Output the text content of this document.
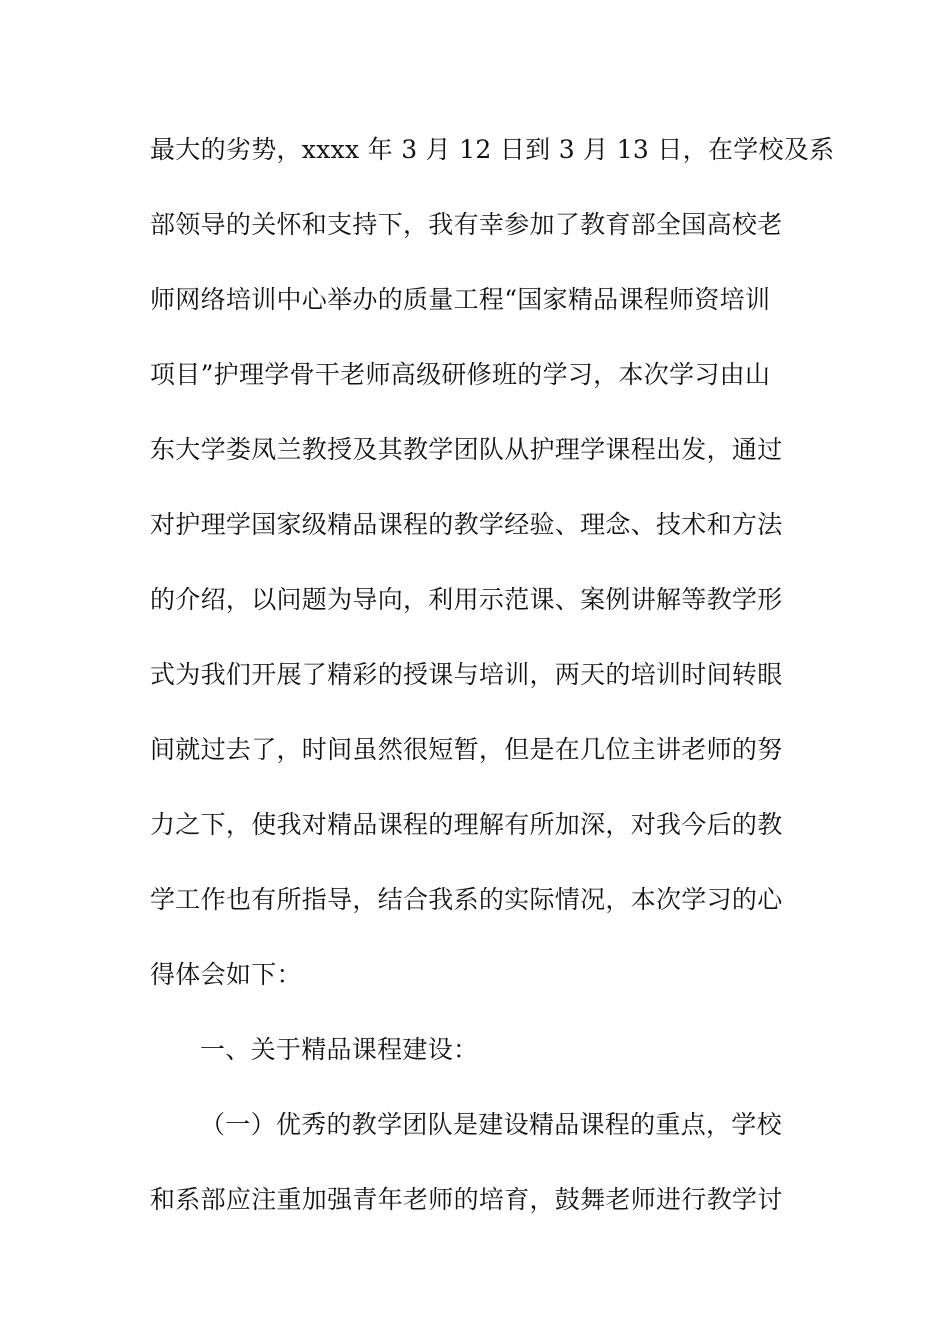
最大的劣势，xxxx 年 3 月 12 日到 3 月 13 日，在学校及系
部领导的关怀和支持下，我有幸参加了教育部全国高校老
师网络培训中心举办的质量工程“国家精品课程师资培训
项目”护理学骨干老师高级研修班的学习，本次学习由山
东大学娄凤兰教授及其教学团队从护理学课程出发，通过
对护理学国家级精品课程的教学经验、理念、技术和方法
的介绍，以问题为导向，利用示范课、案例讲解等教学形
式为我们开展了精彩的授课与培训，两天的培训时间转眼
间就过去了，时间虽然很短暂，但是在几位主讲老师的努
力之下，使我对精品课程的理解有所加深，对我今后的教
学工作也有所指导，结合我系的实际情况，本次学习的心
得体会如下：
一、关于精品课程建设：
（一）优秀的教学团队是建设精品课程的重点，学校
和系部应注重加强青年老师的培育，鼓舞老师进行教学讨
